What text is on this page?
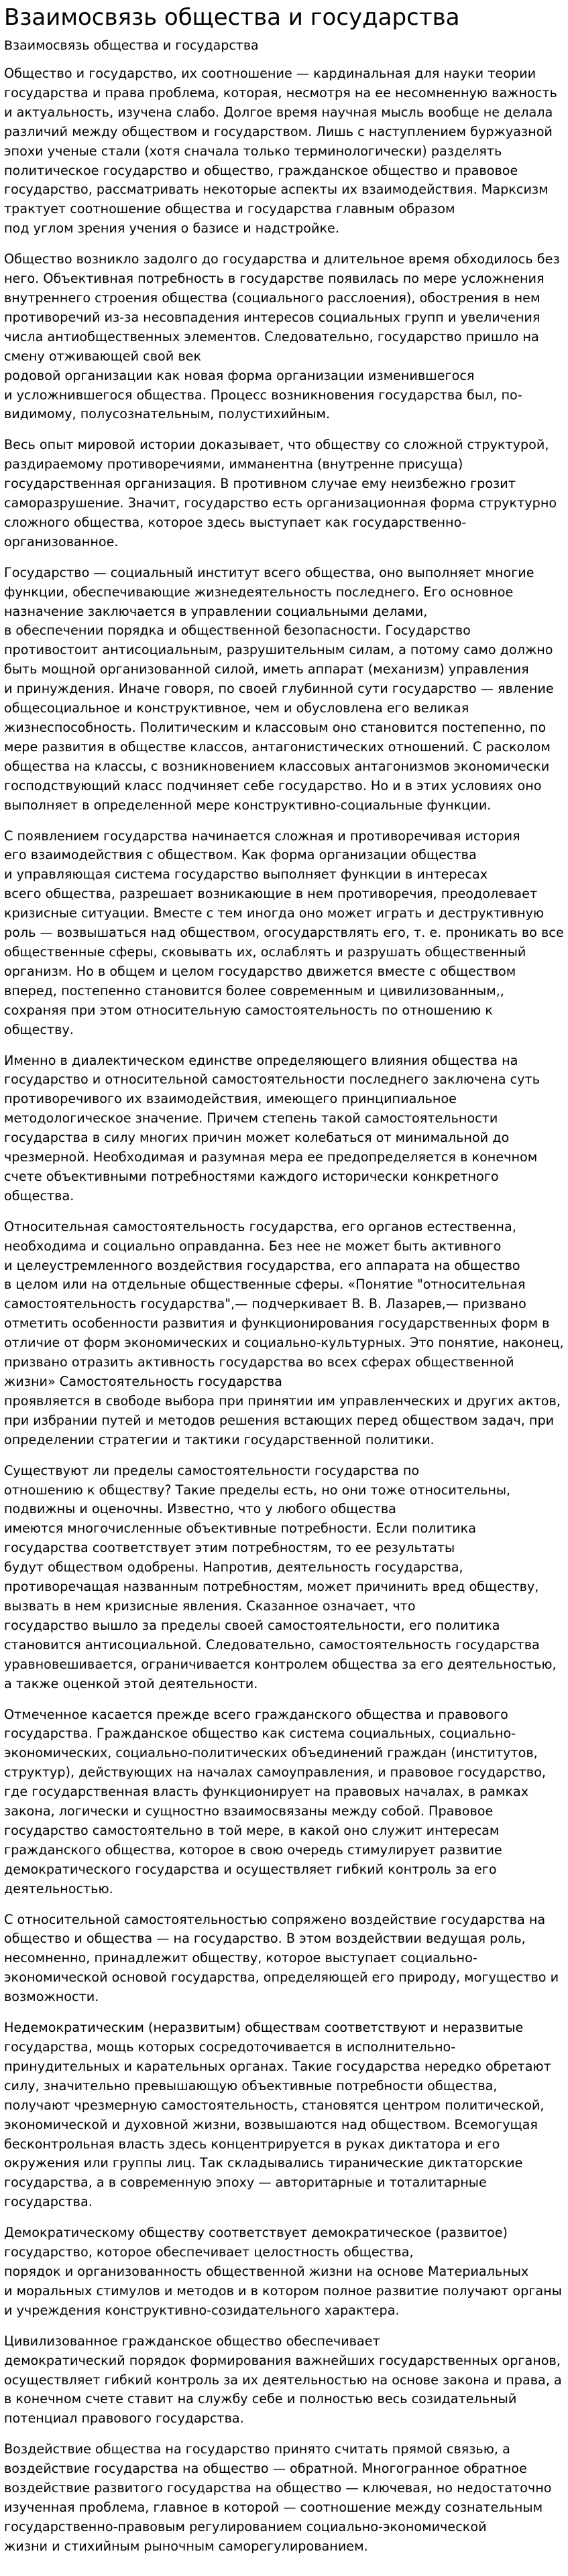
Взаимосвязь общества и государства
Взаимосвязь общества и государства

Общество и государство, их соотношение — кардинальная для науки теории государства и права проблема, которая, несмотря на ее несомненную важность и актуальность, изучена слабо. Долгое время научная мысль вообще не делала различий между обществом и государством. Лишь с наступлением буржуазной эпохи ученые стали (хотя сначала только терминологически) разделять политическое государство и общество, гражданское общество и правовое государство, рассматривать некоторые аспекты их взаимодействия. Марксизм трактует соотношение общества и государства главным образом
под углом зрения учения о базисе и надстройке.

Общество возникло задолго до государства и длительное время обходилось без него. Объективная потребность в государстве появилась по мере усложнения внутреннего строения общества (социального расслоения), обострения в нем противоречий из-за несовпадения интересов социальных групп и увеличения числа антиобщественных элементов. Следовательно, государство пришло на смену отживающей свой век
родовой организации как новая форма организации изменившегося
и усложнившегося общества. Процесс возникновения государства был, по-видимому, полусознательным, полустихийным.

Весь опыт мировой истории доказывает, что обществу со сложной структурой, раздираемому противоречиями, имманентна (внутренне присуща) государственная организация. В противном случае ему неизбежно грозит саморазрушение. Значит, государство есть организационная форма структурно сложного общества, которое здесь выступает как государственно-организованное.

Государство — социальный институт всего общества, оно выполняет многие функции, обеспечивающие жизнедеятельность последнего. Его основное назначение заключается в управлении социальными делами,
в обеспечении порядка и общественной безопасности. Государство противостоит антисоциальным, разрушительным силам, а потому само должно быть мощной организованной силой, иметь аппарат (механизм) управления
и принуждения. Иначе говоря, по своей глубинной сути государство — явление общесоциальное и конструктивное, чем и обусловлена его великая жизнеспособность. Политическим и классовым оно становится постепенно, по мере развития в обществе классов, антагонистических отношений. С расколом общества на классы, с возникновением классовых антагонизмов экономически господствующий класс подчиняет себе государство. Но и в этих условиях оно выполняет в определенной мере конструктивно-социальные функции.

С появлением государства начинается сложная и противоречивая история
его взаимодействия с обществом. Как форма организации общества
и управляющая система государство выполняет функции в интересах
всего общества, разрешает возникающие в нем противоречия, преодолевает кризисные ситуации. Вместе с тем иногда оно может играть и деструктивную роль — возвышаться над обществом, огосударствлять его, т. е. проникать во все общественные сферы, сковывать их, ослаблять и разрушать общественный организм. Но в общем и целом государство движется вместе с обществом вперед, постепенно становится более современным и цивилизованным,, сохраняя при этом относительную самостоятельность по отношению к обществу.

Именно в диалектическом единстве определяющего влияния общества на государство и относительной самостоятельности последнего заключена суть противоречивого их взаимодействия, имеющего принципиальное методологическое значение. Причем степень такой самостоятельности государства в силу многих причин может колебаться от минимальной до чрезмерной. Необходимая и разумная мера ее предопределяется в конечном счете объективными потребностями каждого исторически конкретного общества.

Относительная самостоятельность государства, его органов естественна, необходима и социально оправданна. Без нее не может быть активного
и целеустремленного воздействия государства, его аппарата на общество
в целом или на отдельные общественные сферы. «Понятие "относительная самостоятельность государства",— подчеркивает В. В. Лазарев,— призвано отметить особенности развития и функционирования государственных форм в отличие от форм экономических и социально-культурных. Это понятие, наконец, призвано отразить активность государства во всех сферах общественной жизни» Самостоятельность государства
проявляется в свободе выбора при принятии им управленческих и других актов, при избрании путей и методов решения встающих перед обществом задач, при определении стратегии и тактики государственной политики.

Существуют ли пределы самостоятельности государства по
отношению к обществу? Такие пределы есть, но они тоже относительны, подвижны и оценочны. Известно, что у любого общества
имеются многочисленные объективные потребности. Если политика государства соответствует этим потребностям, то ее результаты
будут обществом одобрены. Напротив, деятельность государства, противоречащая названным потребностям, может причинить вред обществу, вызвать в нем кризисные явления. Сказанное означает, что
государство вышло за пределы своей самостоятельности, его политика становится антисоциальной. Следовательно, самостоятельность государства уравновешивается, ограничивается контролем общества за его деятельностью, а также оценкой этой деятельности.

Отмеченное касается прежде всего гражданского общества и правового государства. Гражданское общество как система социальных, социально-экономических, социально-политических объединений граждан (институтов, структур), действующих на началах самоуправления, и правовое государство, где государственная власть функционирует на правовых началах, в рамках закона, логически и сущностно взаимосвязаны между собой. Правовое государство самостоятельно в той мере, в какой оно служит интересам гражданского общества, которое в свою очередь стимулирует развитие демократического государства и осуществляет гибкий контроль за его деятельностью.

С относительной самостоятельностью сопряжено воздействие государства на общество и общества — на государство. В этом воздействии ведущая роль, несомненно, принадлежит обществу, которое выступает социально-экономической основой государства, определяющей его природу, могущество и возможности.

Недемократическим (неразвитым) обществам соответствуют и неразвитые государства, мощь которых сосредоточивается в исполнительно-принудительных и карательных органах. Такие государства нередко обретают силу, значительно превышающую объективные потребности общества, получают чрезмерную самостоятельность, становятся центром политической, экономической и духовной жизни, возвышаются над обществом. Всемогущая бесконтрольная власть здесь концентрируется в руках диктатора и его окружения или группы лиц. Так складывались тиранические диктаторские государства, а в современную эпоху — авторитарные и тоталитарные государства.

Демократическому обществу соответствует демократическое (развитое) государство, которое обеспечивает целостность общества,
порядок и организованность общественной жизни на основе Материальных
и моральных стимулов и методов и в котором полное развитие получают органы и учреждения конструктивно-созидательного характера.

Цивилизованное гражданское общество обеспечивает
демократический порядок формирования важнейших государственных органов, осуществляет гибкий контроль за их деятельностью на основе закона и права, а в конечном счете ставит на службу себе и полностью весь созидательный потенциал правового государства.

Воздействие общества на государство принято считать прямой связью, а воздействие государства на общество — обратной. Многогранное обратное воздействие развитого государства на общество — ключевая, но недостаточно изученная проблема, главное в которой — соотношение между сознательным государственно-правовым регулированием социально-экономической
жизни и стихийным рыночным саморегулированием.
